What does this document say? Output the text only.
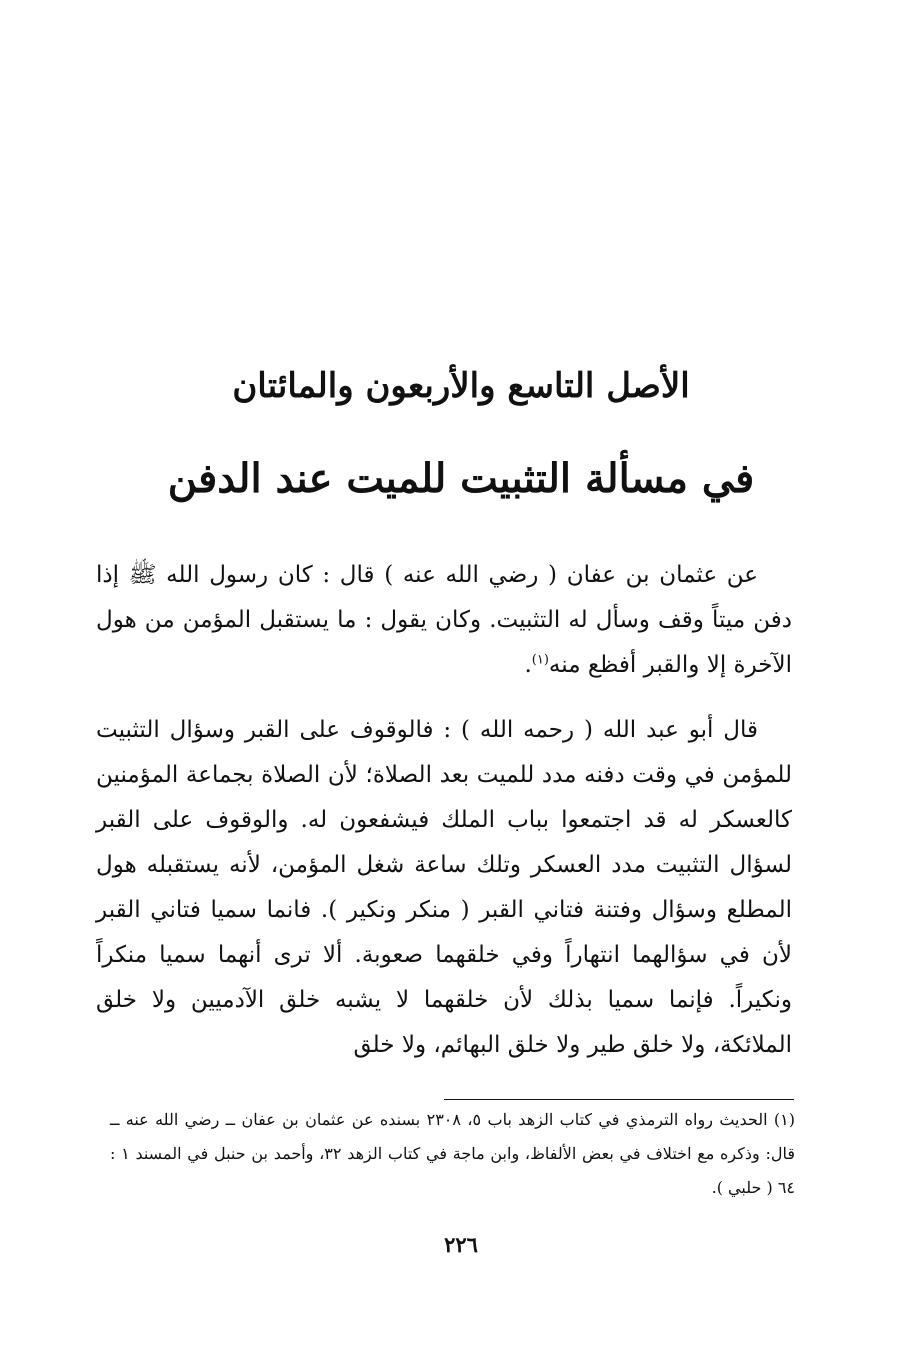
الأصل التاسع والأربعون والمائتان
في مسألة التثبيت للميت عند الدفن

عن عثمان بن عفان ( رضي الله عنه ) قال : كان رسول الله ﷺ إذا دفن ميتاً وقف وسأل له التثبيت. وكان يقول : ما يستقبل المؤمن من هول الآخرة إلا والقبر أفظع منه$^{(١)}$.

قال أبو عبد الله ( رحمه الله ) : فالوقوف على القبر وسؤال التثبيت للمؤمن في وقت دفنه مدد للميت بعد الصلاة؛ لأن الصلاة بجماعة المؤمنين كالعسكر له قد اجتمعوا بباب الملك فيشفعون له. والوقوف على القبر لسؤال التثبيت مدد العسكر وتلك ساعة شغل المؤمن، لأنه يستقبله هول المطلع وسؤال وفتنة فتاني القبر ( منكر ونكير ). فانما سميا فتاني القبر لأن في سؤالهما انتهاراً وفي خلقهما صعوبة. ألا ترى أنهما سميا منكراً ونكيراً. فإنما سميا بذلك لأن خلقهما لا يشبه خلق الآدميين ولا خلق الملائكة، ولا خلق طير ولا خلق البهائم، ولا خلق

(١) الحديث رواه الترمذي في كتاب الزهد باب ٥، ٢٣٠٨ بسنده عن عثمان بن عفان ــ رضي الله عنه ــ قال: وذكره مع اختلاف في بعض الألفاظ، وابن ماجة في كتاب الزهد ٣٢، وأحمد بن حنبل في المسند ١ : ٦٤ ( حلبي ).

٢٢٦
